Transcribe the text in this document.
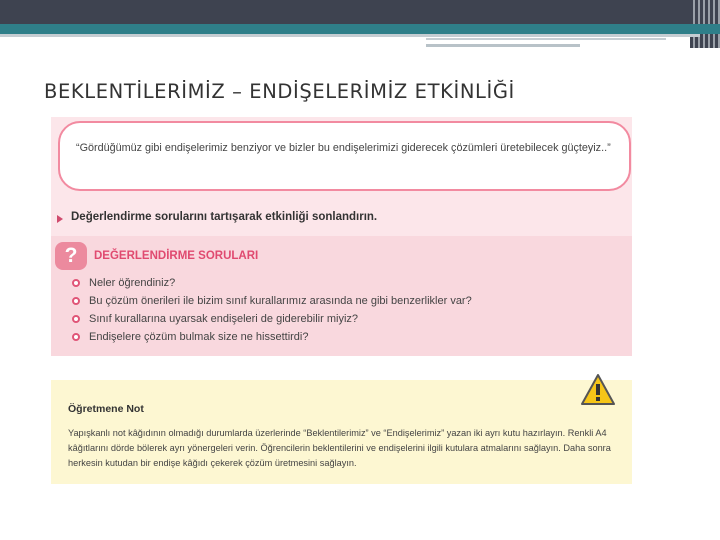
BEKLENTİLERİMİZ – ENDİŞELERİMİZ ETKİNLİĞİ
“Gördüğümüz gibi endişelerimiz benziyor ve bizler bu endişelerimizi giderecek çözümleri üretebilecek güçteyiz..”
Değerlendirme sorularını tartışarak etkinliği sonlandırın.
?	DEĞERLENDİRME SORULARI
Neler öğrendiniz?
Bu çözüm önerileri ile bizim sınıf kurallarımız arasında ne gibi benzerlikler var?
Sınıf kurallarına uyarsak endişeleri de giderebilir miyiz?
Endişelere çözüm bulmak size ne hissettirdi?
Öğretmene Not
Yapışkanlı not kâğıdının olmadığı durumlarda üzerlerinde “Beklentilerimiz” ve “Endişelerimiz” yazan iki ayrı kutu hazırlayın. Renkli A4 kâğıtlarını dörde bölerek ayrı yönergeleri verin. Öğrencilerin beklentilerini ve endişelerini ilgili kutulara atmalarını sağlayın. Daha sonra herkesin kutudan bir endişe kâğıdı çekerek çözüm üretmesini sağlayın.
